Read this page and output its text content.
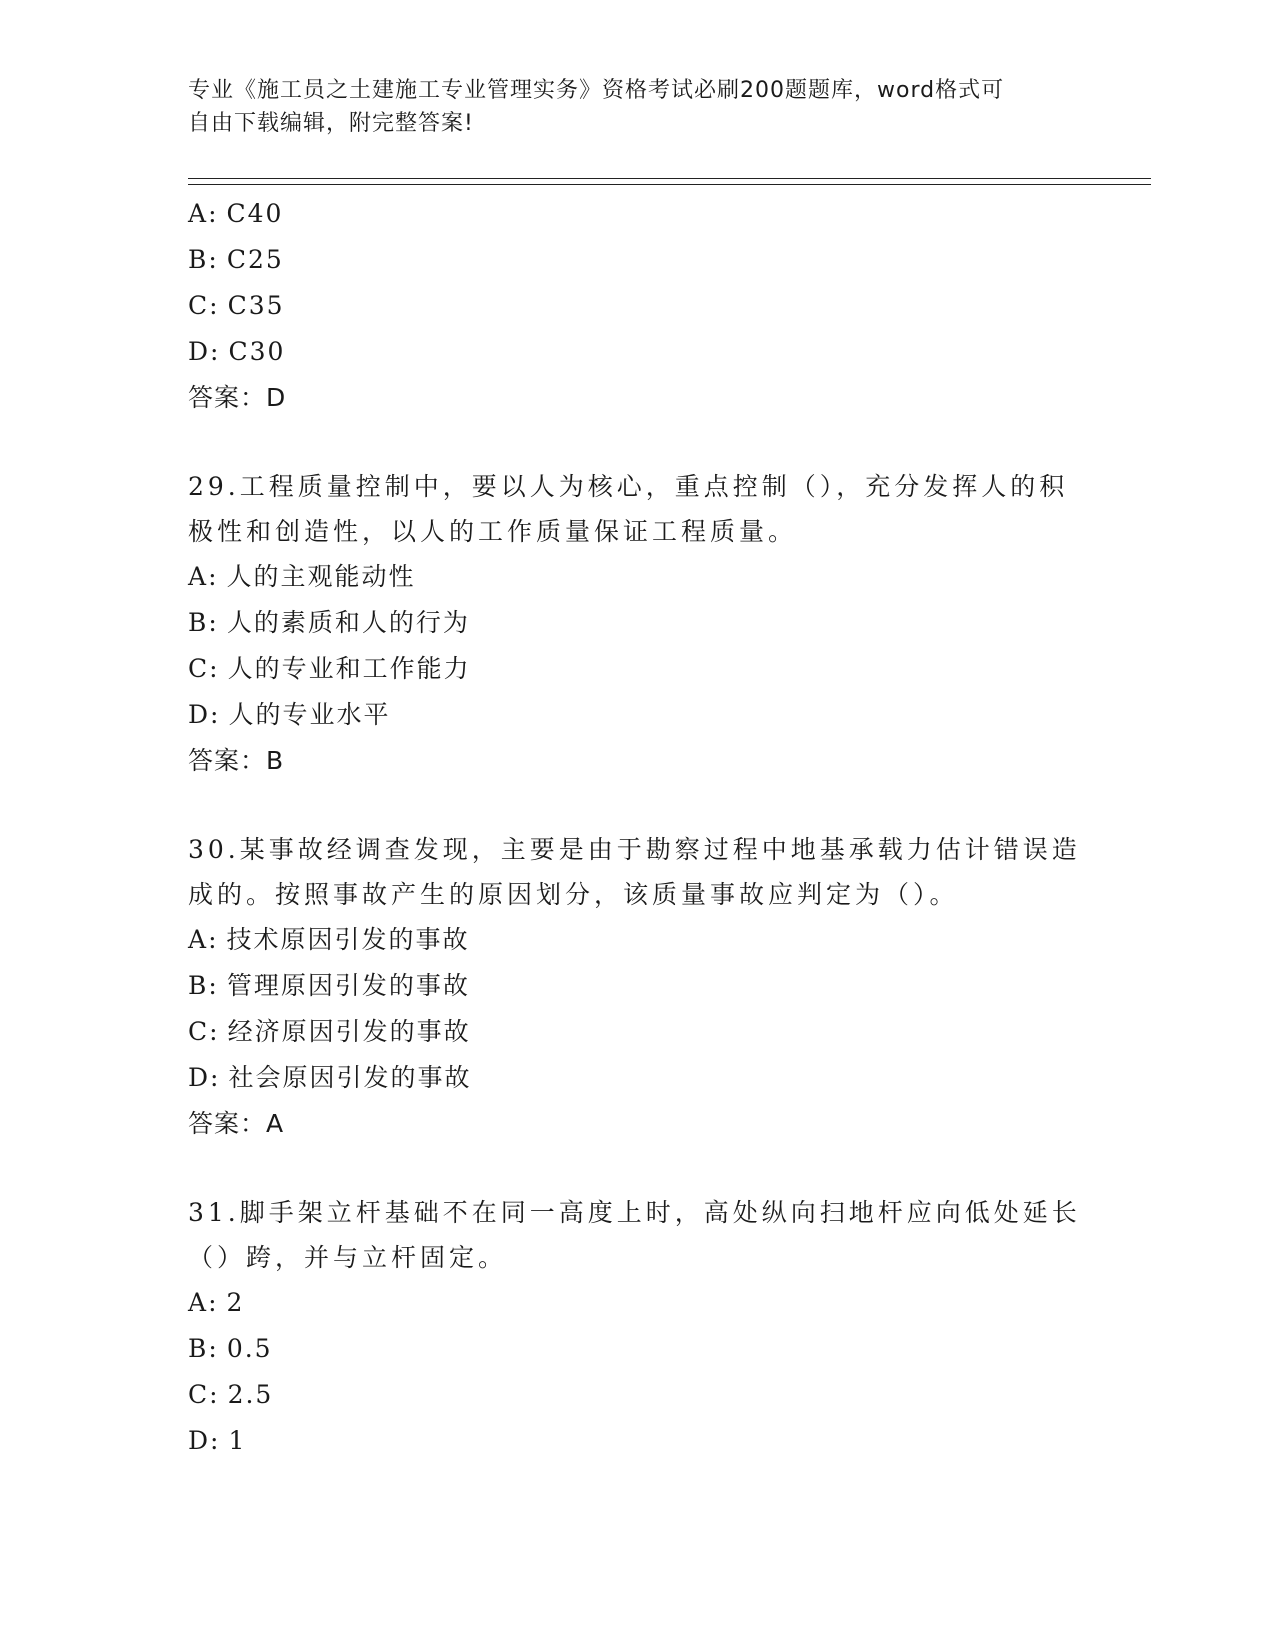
专业《施工员之土建施工专业管理实务》资格考试必刷200题题库，word格式可
自由下载编辑，附完整答案!
A: C40
B: C25
C: C35
D: C30
答案：D
29.工程质量控制中，要以人为核心，重点控制（），充分发挥人的积极性和创造性，以人的工作质量保证工程质量。
A: 人的主观能动性
B: 人的素质和人的行为
C: 人的专业和工作能力
D: 人的专业水平
答案：B
30.某事故经调查发现，主要是由于勘察过程中地基承载力估计错误造成的。按照事故产生的原因划分，该质量事故应判定为（）。
A: 技术原因引发的事故
B: 管理原因引发的事故
C: 经济原因引发的事故
D: 社会原因引发的事故
答案：A
31.脚手架立杆基础不在同一高度上时，高处纵向扫地杆应向低处延长（）跨，并与立杆固定。
A: 2
B: 0.5
C: 2.5
D: 1
